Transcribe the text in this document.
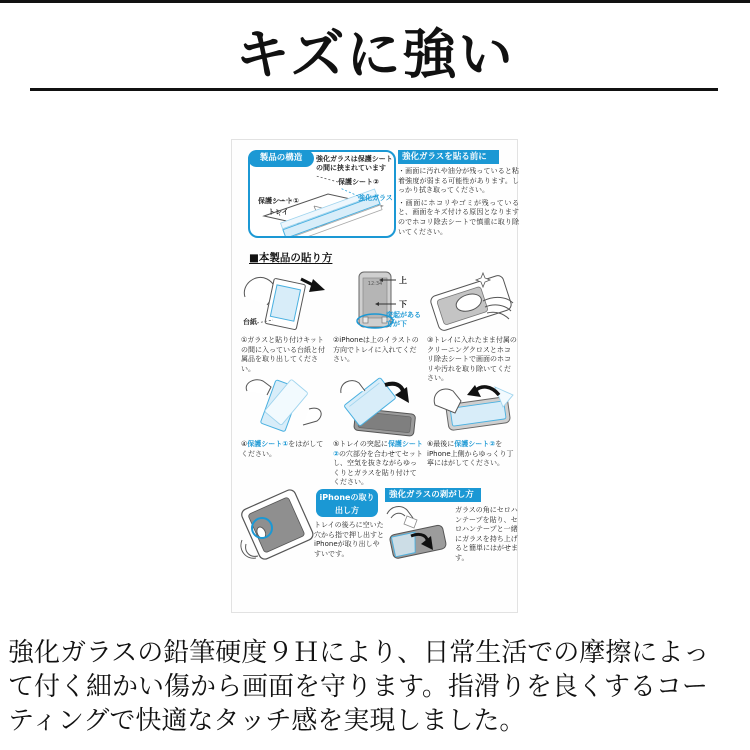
キズに強い
製品の構造	強化ガラスは保護シートの間に挟まれています
保護シート②
強化ガラス
保護シート①
トレイ
強化ガラスを貼る前に

・画面に汚れや油分が残っていると粘着強度が弱まる可能性があります。しっかり拭き取ってください。

・画面にホコリやゴミが残っていると、画面をキズ付ける原因となりますのでホコリ除去シートで慎重に取り除いてください。

■本製品の貼り方
台紙
①ガラスと貼り付けキットの間に入っている台紙と付属品を取り出してください。
12:34 上
下
突起がある方が下
②iPhoneは上のイラストの方向でトレイに入れてください。
③トレイに入れたまま付属のクリーニングクロスとホコリ除去シートで画面のホコリや汚れを取り除いてください。
④保護シート①をはがしてください。
⑤トレイの突起に保護シート②の穴部分を合わせてセットし、空気を抜きながらゆっくりとガラスを貼り付けてください。
⑥最後に保護シート②をiPhone上側からゆっくり丁寧にはがしてください。
iPhoneの取り出し方

トレイの後ろに空いた穴から指で押し出すとiPhoneが取り出しやすいです。

強化ガラスの剥がし方

ガラスの角にセロハンテープを貼り、セロハンテープと一緒にガラスを持ち上げると簡単にはがせます。

強化ガラスの鉛筆硬度９Ｈにより、日常生活での摩擦によっ
て付く細かい傷から画面を守ります。指滑りを良くするコー
ティングで快適なタッチ感を実現しました。
